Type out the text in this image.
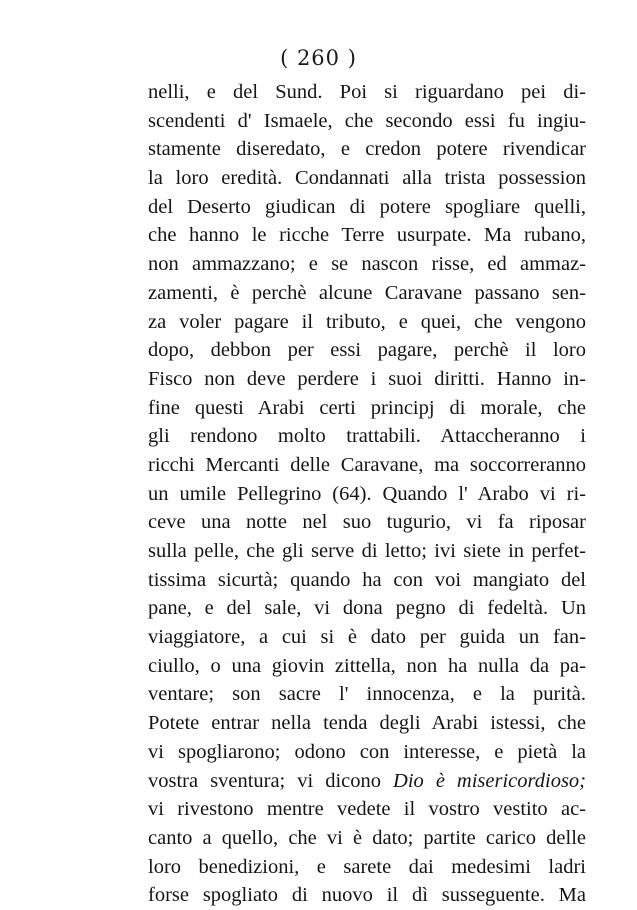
( 260 )
nelli, e del Sund. Poi si riguardano pei di-
scendenti d' Ismaele, che secondo essi fu ingiu-
stamente diseredato, e credon potere rivendicar
la loro eredità. Condannati alla trista possession
del Deserto giudican di potere spogliare quelli,
che hanno le ricche Terre usurpate. Ma rubano,
non ammazzano; e se nascon risse, ed ammaz-
zamenti, è perchè alcune Caravane passano sen-
za voler pagare il tributo, e quei, che vengono
dopo, debbon per essi pagare, perchè il loro
Fisco non deve perdere i suoi diritti. Hanno in-
fine questi Arabi certi principj di morale, che
gli rendono molto trattabili. Attaccheranno i
ricchi Mercanti delle Caravane, ma soccorreranno
un umile Pellegrino (64). Quando l' Arabo vi ri-
ceve una notte nel suo tugurio, vi fa riposar
sulla pelle, che gli serve di letto; ivi siete in perfet-
tissima sicurtà; quando ha con voi mangiato del
pane, e del sale, vi dona pegno di fedeltà. Un
viaggiatore, a cui si è dato per guida un fan-
ciullo, o una giovin zittella, non ha nulla da pa-
ventare; son sacre l' innocenza, e la purità.
Potete entrar nella tenda degli Arabi istessi, che
vi spogliarono; odono con interesse, e pietà la
vostra sventura; vi dicono Dio è misericordioso;
vi rivestono mentre vedete il vostro vestito ac-
canto a quello, che vi è dato; partite carico delle
loro benedizioni, e sarete dai medesimi ladri
forse spogliato di nuovo il dì susseguente. Ma
